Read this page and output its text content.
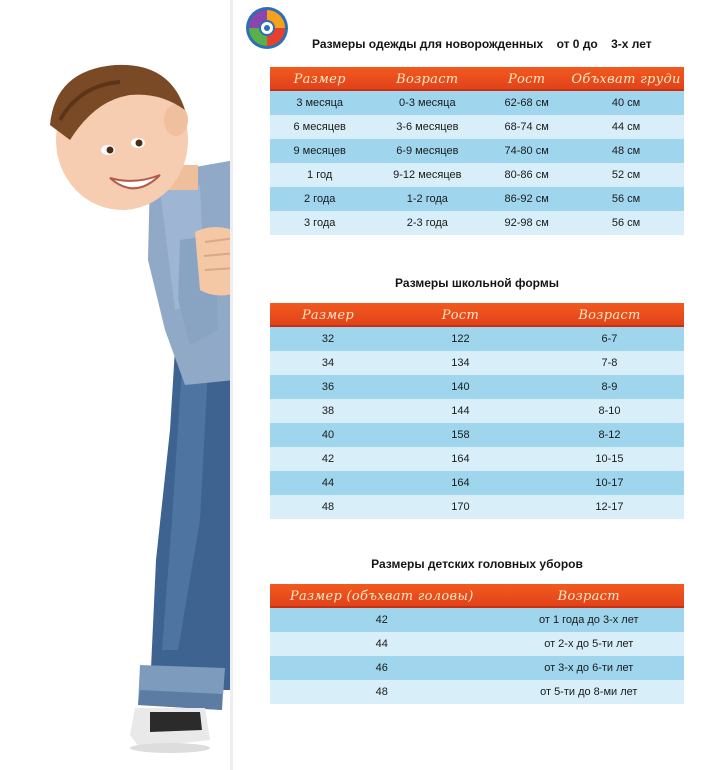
Размеры одежды для новорожденных    от 0 до    3-х лет
Размер	Возраст	Рост	Объхват груди
3 месяца	0-3 месяца	62-68 см	40 см
6 месяцев	3-6 месяцев	68-74 см	44 см
9 месяцев	6-9 месяцев	74-80 см	48 см
1 год	9-12 месяцев	80-86 см	52 см
2 года	1-2 года	86-92 см	56 см
3 года	2-3 года	92-98 см	56 см
Размеры школьной формы
Размер	Рост	Возраст
32	122	6-7
34	134	7-8
36	140	8-9
38	144	8-10
40	158	8-12
42	164	10-15
44	164	10-17
48	170	12-17
Размеры детских головных уборов
Размер (объхват головы)	Возраст
42	от 1 года до 3-х лет
44	от 2-х до 5-ти лет
46	от 3-х до 6-ти лет
48	от 5-ти до 8-ми лет
